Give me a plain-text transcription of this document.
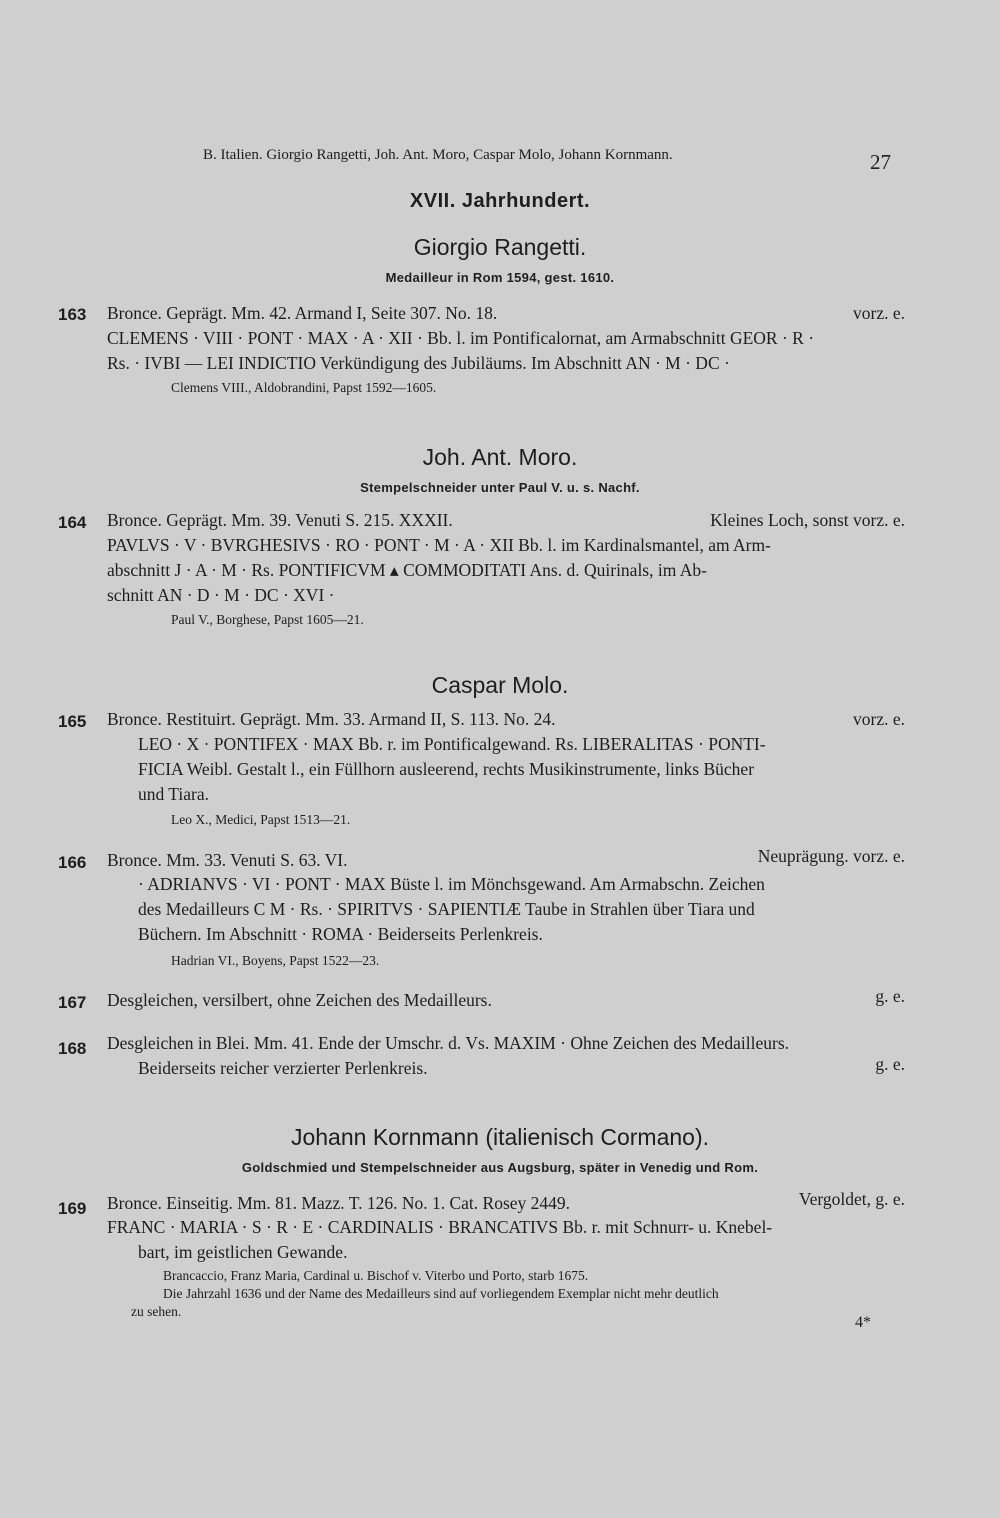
B. Italien. Giorgio Rangetti, Joh. Ant. Moro, Caspar Molo, Johann Kornmann.	27
XVII. Jahrhundert.
Giorgio Rangetti.
Medailleur in Rom 1594, gest. 1610.
163 Bronce. Geprägt. Mm. 42. Armand I, Seite 307. No. 18.	vorz. e.
CLEMENS · VIII · PONT · MAX · A · XII · Bb. l. im Pontificalornat, am Armabschnitt GEOR · R ·
Rs. · IVBI — LEI INDICTIO Verkündigung des Jubiläums. Im Abschnitt AN · M · DC ·
Clemens VIII., Aldobrandini, Papst 1592—1605.
Joh. Ant. Moro.
Stempelschneider unter Paul V. u. s. Nachf.
164 Bronce. Geprägt. Mm. 39. Venuti S. 215. XXXII.	Kleines Loch, sonst vorz. e.
PAVLVS · V · BVRGHESIVS · RO · PONT · M · A · XII Bb. l. im Kardinalsmantel, am Arm-
abschnitt J · A · M · Rs. PONTIFICVM ▴ COMMODITATI Ans. d. Quirinals, im Ab-
schnitt AN · D · M · DC · XVI ·
Paul V., Borghese, Papst 1605—21.
Caspar Molo.
165 Bronce. Restituirt. Geprägt. Mm. 33. Armand II, S. 113. No. 24.	vorz. e.
LEO · X · PONTIFEX · MAX Bb. r. im Pontificalgewand. Rs. LIBERALITAS · PONTI-
FICIA Weibl. Gestalt l., ein Füllhorn ausleerend, rechts Musikinstrumente, links Bücher
und Tiara.
Leo X., Medici, Papst 1513—21.
166 Bronce. Mm. 33. Venuti S. 63. VI.	Neuprägung. vorz. e.
· ADRIANVS · VI · PONT · MAX Büste l. im Mönchsgewand. Am Armabschn. Zeichen
des Medailleurs C M · Rs. · SPIRITVS · SAPIENTIÆ Taube in Strahlen über Tiara und
Büchern. Im Abschnitt · ROMA · Beiderseits Perlenkreis.
Hadrian VI., Boyens, Papst 1522—23.
167 Desgleichen, versilbert, ohne Zeichen des Medailleurs.	g. e.
168 Desgleichen in Blei. Mm. 41. Ende der Umschr. d. Vs. MAXIM · Ohne Zeichen des Medailleurs.
Beiderseits reicher verzierter Perlenkreis.	g. e.
Johann Kornmann (italienisch Cormano).
Goldschmied und Stempelschneider aus Augsburg, später in Venedig und Rom.
169 Bronce. Einseitig. Mm. 81. Mazz. T. 126. No. 1. Cat. Rosey 2449.	Vergoldet, g. e.
FRANC · MARIA · S · R · E · CARDINALIS · BRANCATIVS Bb. r. mit Schnurr- u. Knebel-
bart, im geistlichen Gewande.
Brancaccio, Franz Maria, Cardinal u. Bischof v. Viterbo und Porto, starb 1675.
Die Jahrzahl 1636 und der Name des Medailleurs sind auf vorliegendem Exemplar nicht mehr deutlich
zu sehen.
4*
